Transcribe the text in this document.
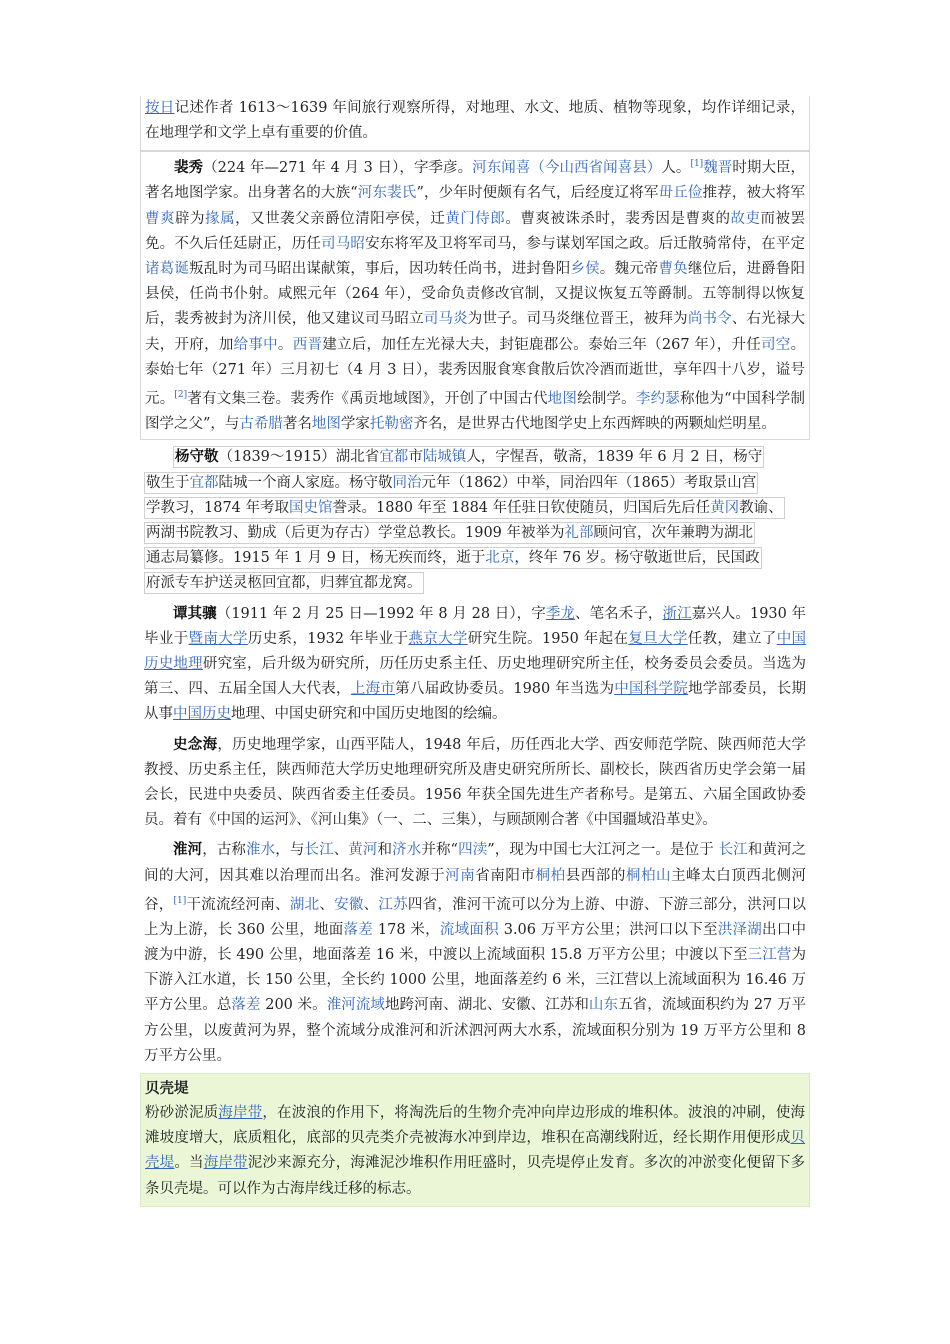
按日记述作者 1613～1639 年间旅行观察所得，对地理、水文、地质、植物等现象，均作详细记录，在地理学和文学上卓有重要的价值。

裴秀（224 年—271 年 4 月 3 日），字季彦。河东闻喜（今山西省闻喜县）人。[1]魏晋时期大臣，著名地图学家。出身著名的大族“河东裴氏”，少年时便颇有名气，后经度辽将军毌丘俭推荐，被大将军曹爽辟为掾属，又世袭父亲爵位清阳亭侯，迁黄门侍郎。曹爽被诛杀时，裴秀因是曹爽的故吏而被罢免。不久后任廷尉正，历任司马昭安东将军及卫将军司马，参与谋划军国之政。后迁散骑常侍，在平定诸葛诞叛乱时为司马昭出谋献策，事后，因功转任尚书，进封鲁阳乡侯。魏元帝曹奂继位后，进爵鲁阳县侯，任尚书仆射。咸熙元年（264 年），受命负责修改官制，又提议恢复五等爵制。五等制得以恢复后，裴秀被封为济川侯，他又建议司马昭立司马炎为世子。司马炎继位晋王，被拜为尚书令、右光禄大夫，开府，加给事中。西晋建立后，加任左光禄大夫，封钜鹿郡公。泰始三年（267 年），升任司空。泰始七年（271 年）三月初七（4 月 3 日），裴秀因服食寒食散后饮冷酒而逝世，享年四十八岁，谥号元。[2]著有文集三卷。裴秀作《禹贡地域图》，开创了中国古代地图绘制学。李约瑟称他为“中国科学制图学之父”，与古希腊著名地图学家托勒密齐名，是世界古代地图学史上东西辉映的两颗灿烂明星。

杨守敬（1839～1915）湖北省宜都市陆城镇人，字惺吾，敬斋，1839 年 6 月 2 日，杨守
敬生于宜都陆城一个商人家庭。杨守敬同治元年（1862）中举，同治四年（1865）考取景山宫
学教习，1874 年考取国史馆誊录。1880 年至 1884 年任驻日钦使随员，归国后先后任黄冈教谕、
两湖书院教习、勤成（后更为存古）学堂总教长。1909 年被举为礼部顾问官，次年兼聘为湖北
通志局纂修。1915 年 1 月 9 日，杨无疾而终，逝于北京，终年 76 岁。杨守敬逝世后，民国政
府派专车护送灵柩回宜都，归葬宜都龙窝。

谭其骧（1911 年 2 月 25 日—1992 年 8 月 28 日），字季龙、笔名禾子，浙江嘉兴人。1930 年毕业于暨南大学历史系，1932 年毕业于燕京大学研究生院。1950 年起在复旦大学任教，建立了中国历史地理研究室，后升级为研究所，历任历史系主任、历史地理研究所主任，校务委员会委员。当选为第三、四、五届全国人大代表，上海市第八届政协委员。1980 年当选为中国科学院地学部委员，长期从事中国历史地理、中国史研究和中国历史地图的绘编。

史念海，历史地理学家，山西平陆人，1948 年后，历任西北大学、西安师范学院、陕西师范大学教授、历史系主任，陕西师范大学历史地理研究所及唐史研究所所长、副校长，陕西省历史学会第一届会长，民进中央委员、陕西省委主任委员。1956 年获全国先进生产者称号。是第五、六届全国政协委员。着有《中国的运河》、《河山集》（一、二、三集），与顾颉刚合著《中国疆域沿革史》。

淮河，古称淮水，与长江、黄河和济水并称“四渎”，现为中国七大江河之一。是位于 长江和黄河之间的大河，因其难以治理而出名。淮河发源于河南省南阳市桐柏县西部的桐柏山主峰太白顶西北侧河谷，[1]干流流经河南、湖北、安徽、江苏四省，淮河干流可以分为上游、中游、下游三部分，洪河口以上为上游，长 360 公里，地面落差 178 米，流域面积 3.06 万平方公里；洪河口以下至洪泽湖出口中渡为中游，长 490 公里，地面落差 16 米，中渡以上流域面积 15.8 万平方公里；中渡以下至三江营为下游入江水道，长 150 公里，全长约 1000 公里，地面落差约 6 米，三江营以上流域面积为 16.46 万平方公里。总落差 200 米。淮河流域地跨河南、湖北、安徽、江苏和山东五省，流域面积约为 27 万平方公里，以废黄河为界，整个流域分成淮河和沂沭泗河两大水系，流域面积分别为 19 万平方公里和 8 万平方公里。

贝壳堤

粉砂淤泥质海岸带，在波浪的作用下，将淘洗后的生物介壳冲向岸边形成的堆积体。波浪的冲刷，使海滩坡度增大，底质粗化，底部的贝壳类介壳被海水冲到岸边，堆积在高潮线附近，经长期作用便形成贝壳堤。当海岸带泥沙来源充分，海滩泥沙堆积作用旺盛时，贝壳堤停止发育。多次的冲淤变化便留下多条贝壳堤。可以作为古海岸线迁移的标志。
